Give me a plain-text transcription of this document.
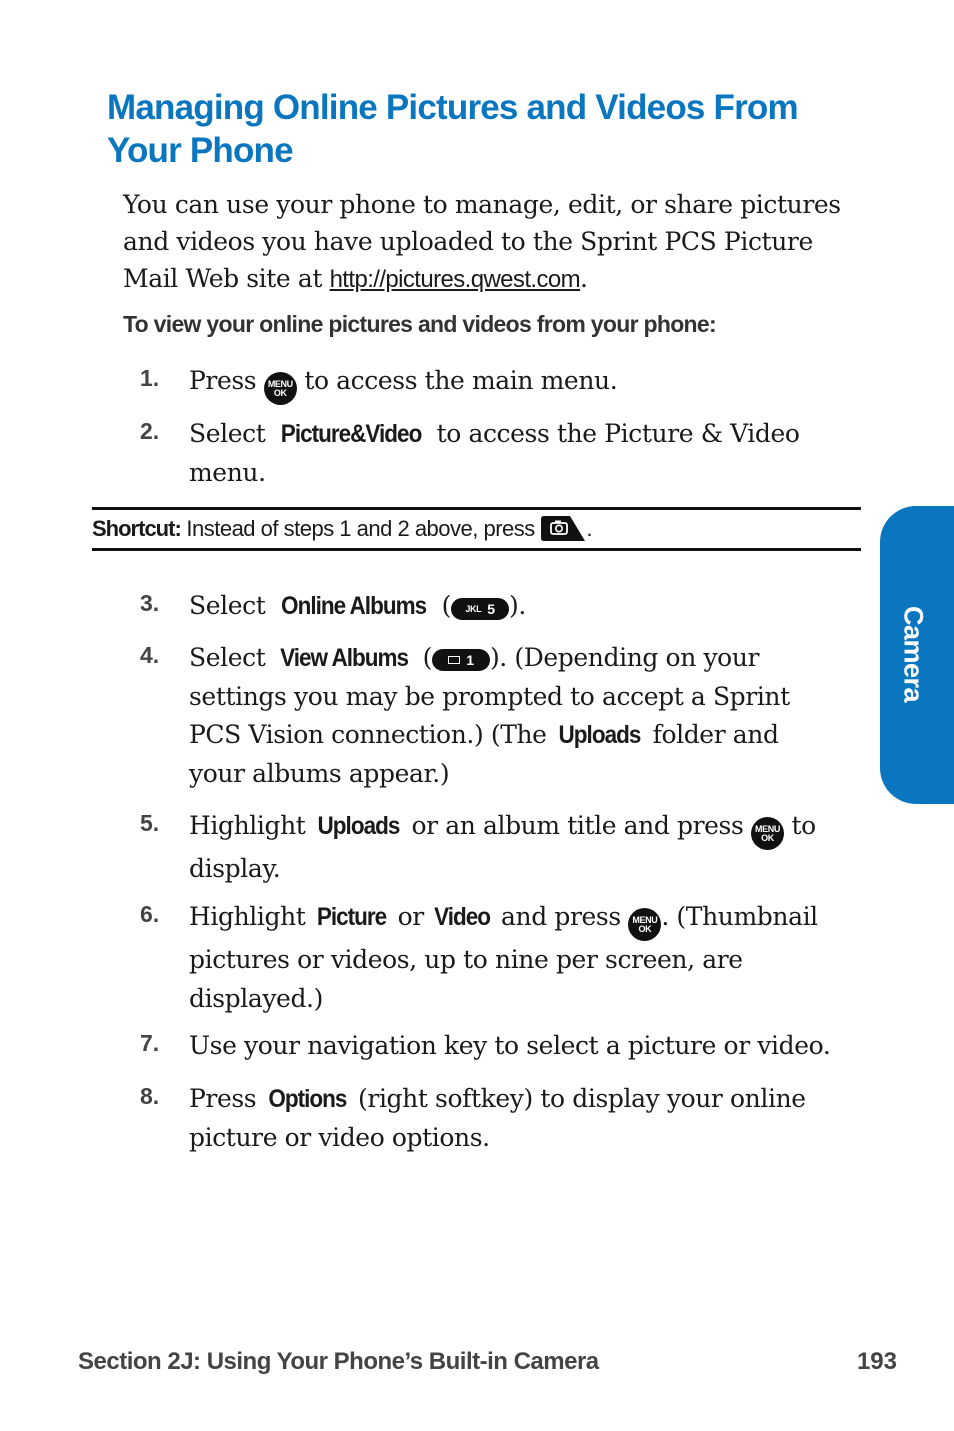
Managing Online Pictures and Videos From Your Phone

You can use your phone to manage, edit, or share pictures and videos you have uploaded to the Sprint PCS Picture Mail Web site at http://pictures.qwest.com.

To view your online pictures and videos from your phone:
1.	Press MENU
OK to access the main menu.
2.	Select Picture&Video to access the Picture & Video menu.
3.	Select Online Albums ( JKL 5 ).
4.	Select View Albums ( 1 ). (Depending on your settings you may be prompted to accept a Sprint PCS Vision connection.) (The Uploads folder and your albums appear.)
5.	Highlight Uploads or an album title and press MENU
OK to display.
6.	Highlight Picture or Video and press MENU
OK . (Thumbnail pictures or videos, up to nine per screen, are displayed.)
7.	Use your navigation key to select a picture or video.
8.	Press Options (right softkey) to display your online picture or video options.
Shortcut: Instead of steps 1 and 2 above, press .
Camera
Section 2J: Using Your Phone’s Built-in Camera	193
